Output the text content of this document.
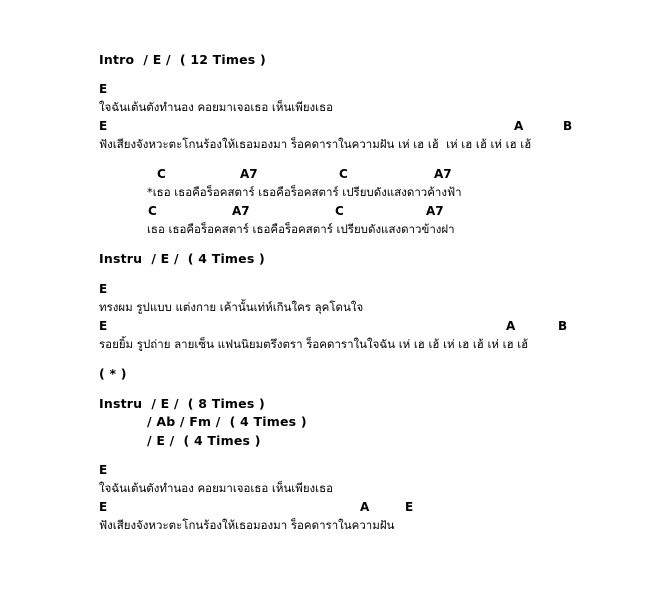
Intro  / E /  ( 12 Times )
E
ใจฉันเต้นตังทำนอง คอยมาเจอเธอ เห็นเพียงเธอ
E	A	B
ฟังเสียงจังหวะตะโกนร้องให้เธอมองมา ร็อคดาราในความฝัน เห่ เฮ เฮ้  เห่ เฮ เฮ้ เห่ เฮ เฮ้
C	A7	C	A7
*เธอ เธอคือร็อคสตาร์ เธอคือร็อคสตาร์ เปรียบดังแสงดาวค้างฟ้า
C	A7	C	A7
เธอ เธอคือร็อคสตาร์ เธอคือร็อคสตาร์ เปรียบดังแสงดาวข้างฝา
Instru  / E /  ( 4 Times )
E
ทรงผม รูปแบบ แต่งกาย เค้านั้นเท่ห์เกินใคร ลุคโดนใจ
E	A	B
รอยยิ้ม รูปถ่าย ลายเซ็น แฟนนิยมตรึงตรา ร็อคดาราในใจฉัน เห่ เฮ เฮ้ เห่ เฮ เฮ้ เห่ เฮ เฮ้
( * )
Instru  / E /  ( 8 Times )
/ Ab / Fm /  ( 4 Times )
/ E /  ( 4 Times )
E
ใจฉันเต้นตังทำนอง คอยมาเจอเธอ เห็นเพียงเธอ
E	A	E
ฟังเสียงจังหวะตะโกนร้องให้เธอมองมา ร็อคดาราในความฝัน
